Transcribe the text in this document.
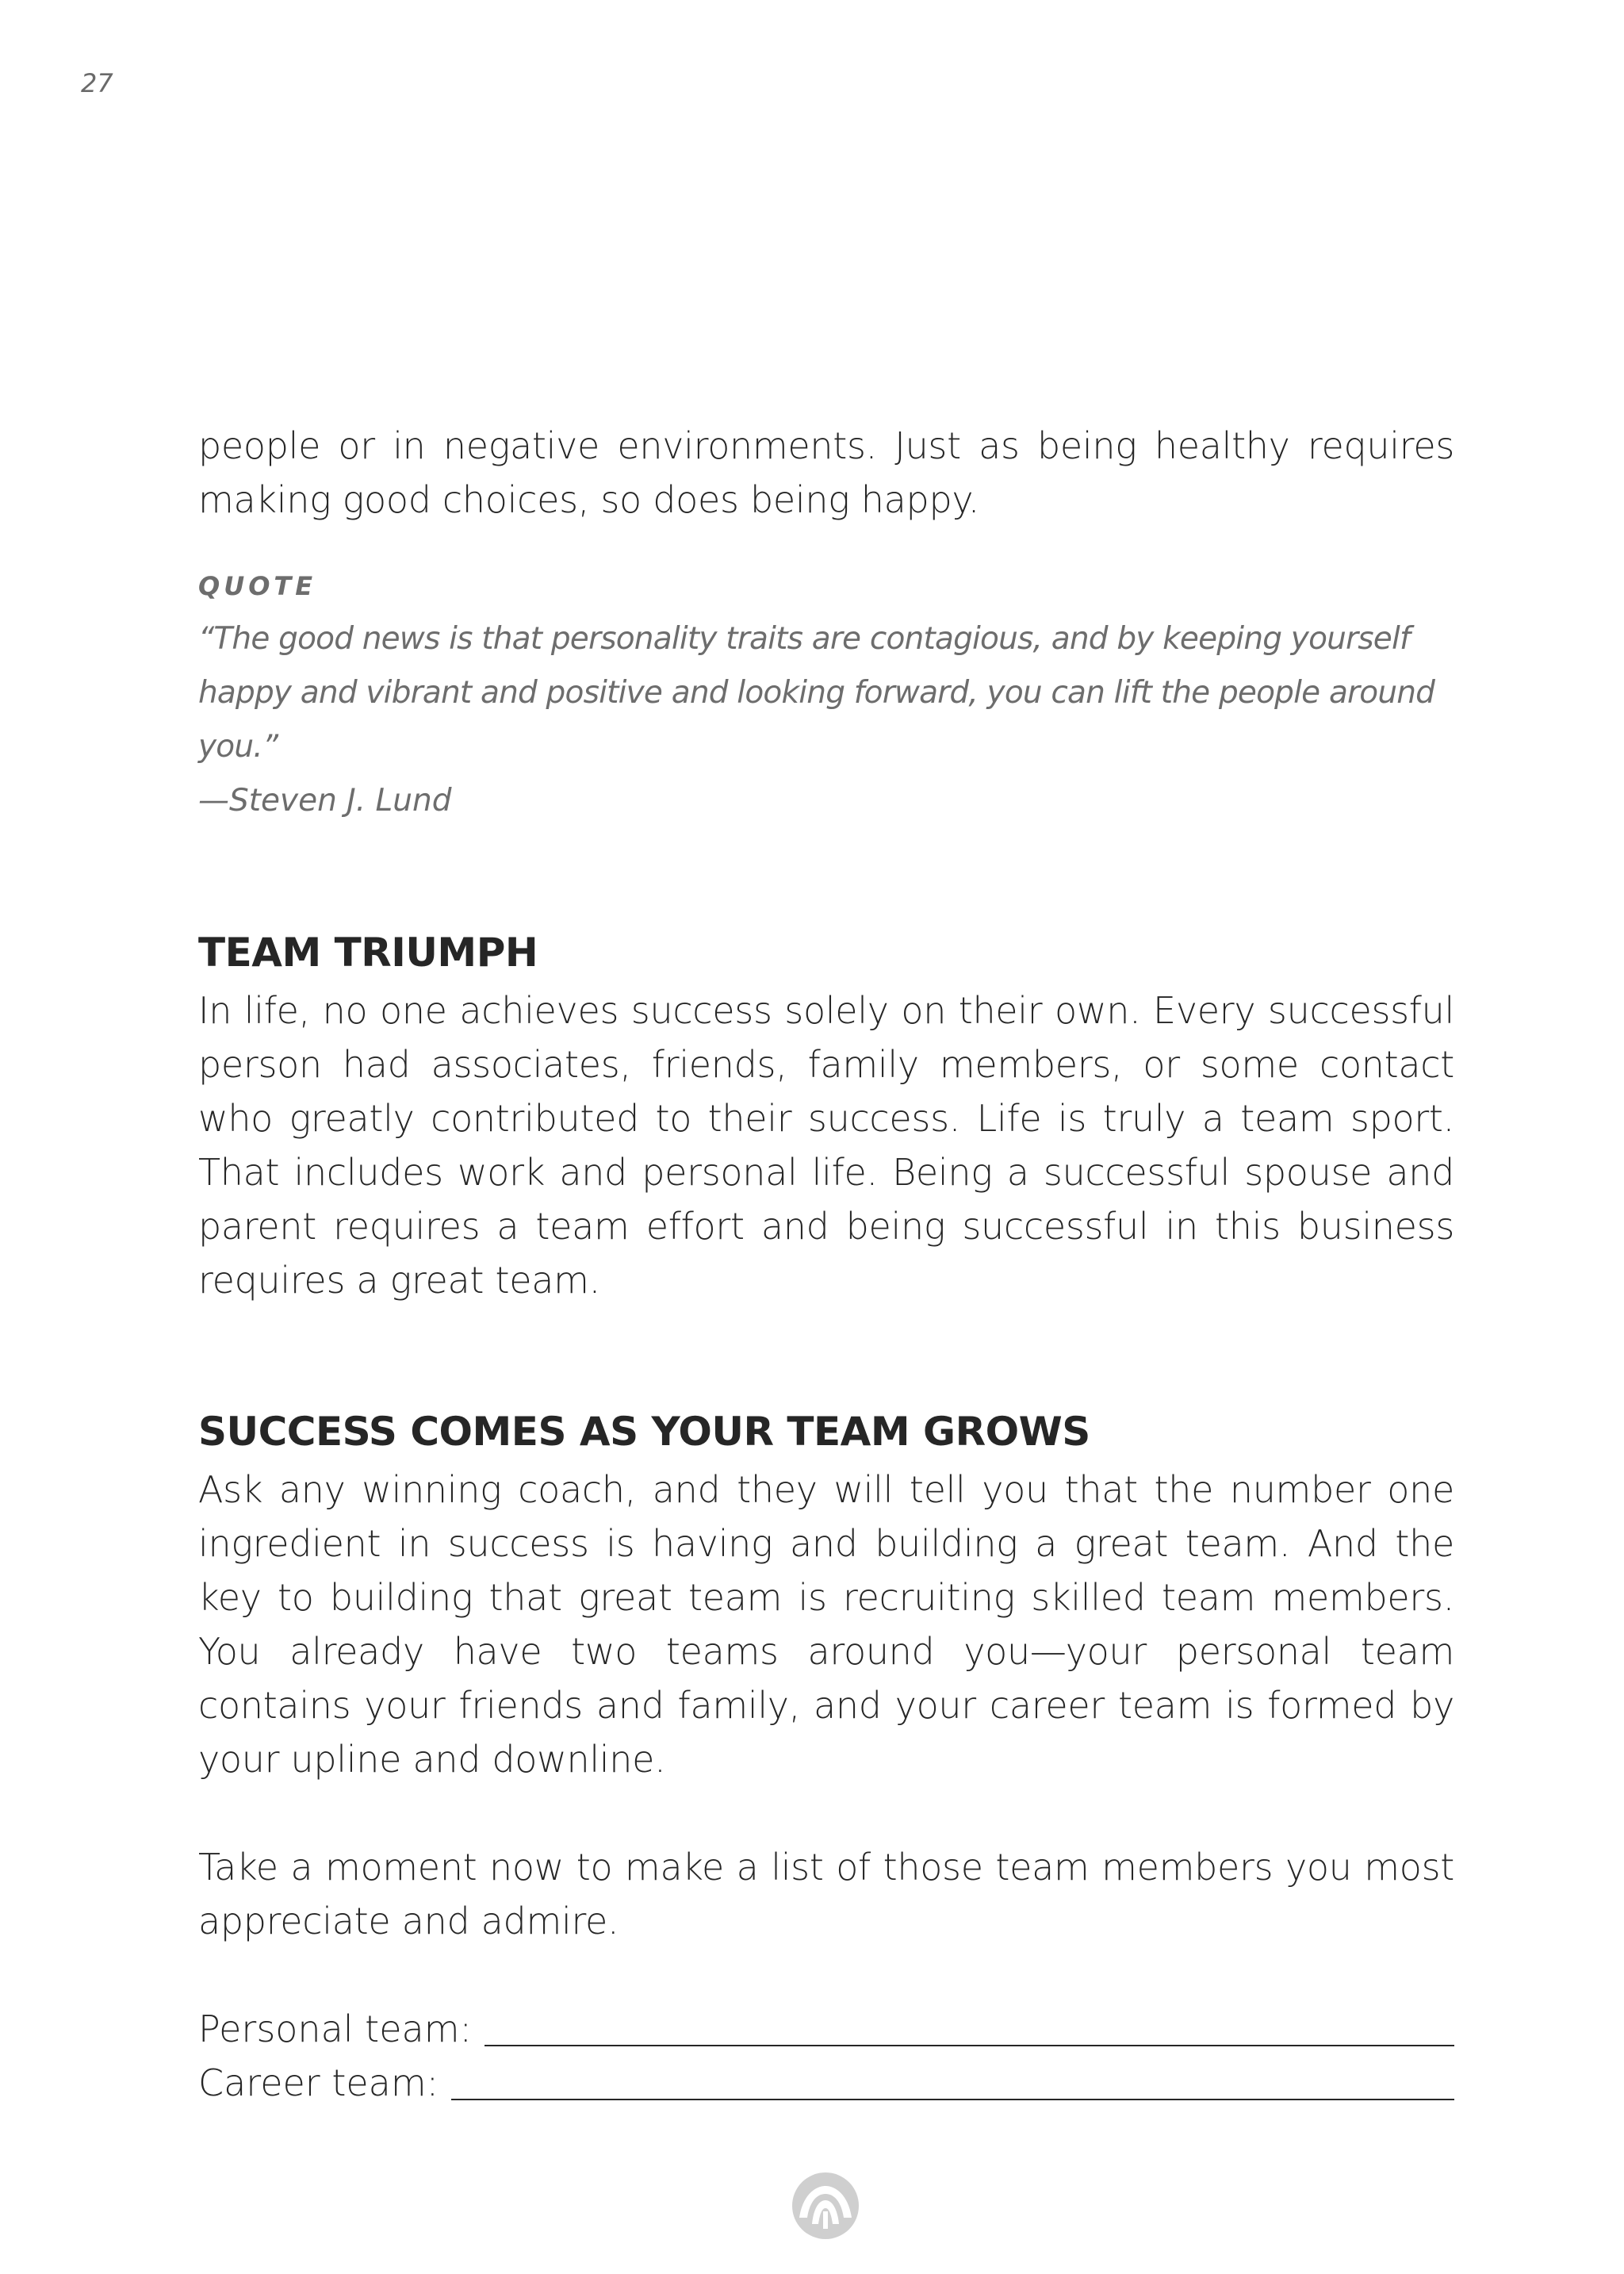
27

people or in negative environments. Just as being healthy requires making good choices, so does being happy.

QUOTE

“The good news is that personality traits are contagious, and by keeping yourself happy and vibrant and positive and looking forward, you can lift the people around you.”

—Steven J. Lund

TEAM TRIUMPH

In life, no one achieves success solely on their own. Every successful person had associates, friends, family members, or some contact who greatly contributed to their success. Life is truly a team sport. That includes work and personal life. Being a successful spouse and parent requires a team effort and being successful in this business requires a great team.

SUCCESS COMES AS YOUR TEAM GROWS

Ask any winning coach, and they will tell you that the number one ingredient in success is having and building a great team. And the key to building that great team is recruiting skilled team members. You already have two teams around you—your personal team contains your friends and family, and your career team is formed by your upline and downline.

Take a moment now to make a list of those team members you most appreciate and admire.

Personal team:
Career team:
